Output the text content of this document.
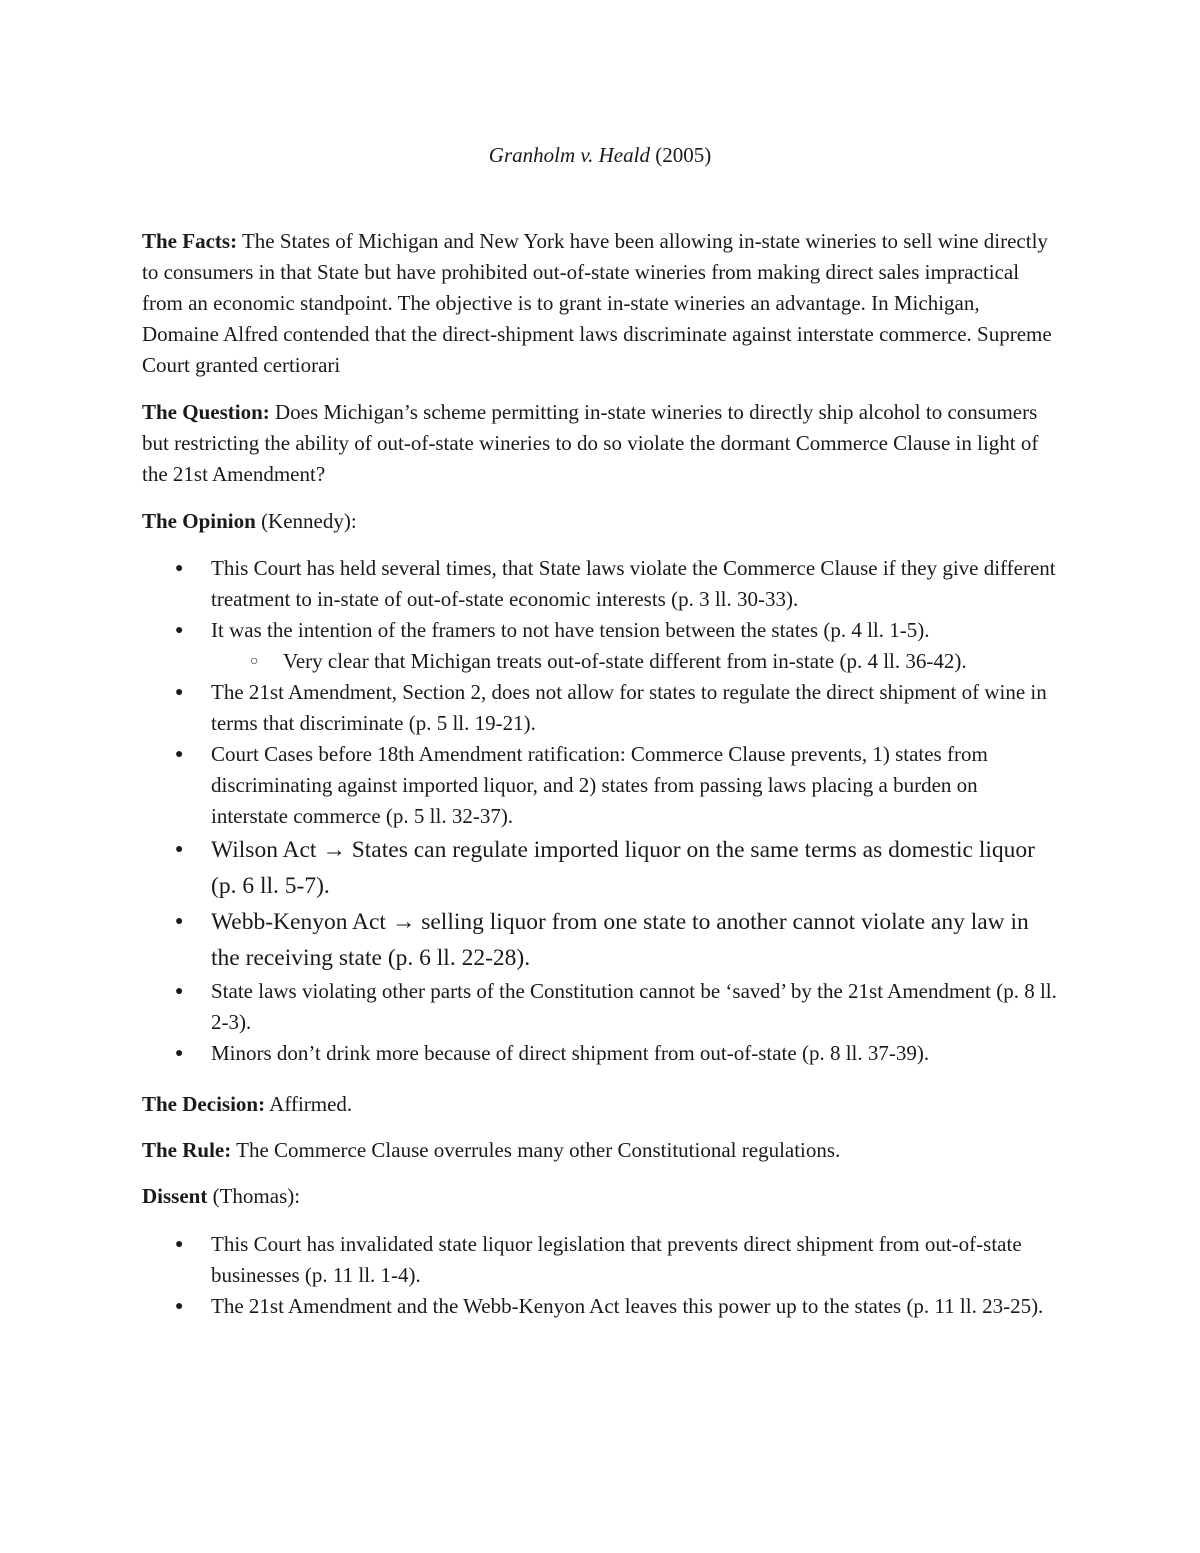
Granholm v. Heald (2005)

The Facts: The States of Michigan and New York have been allowing in-state wineries to sell wine directly to consumers in that State but have prohibited out-of-state wineries from making direct sales impractical from an economic standpoint. The objective is to grant in-state wineries an advantage. In Michigan, Domaine Alfred contended that the direct-shipment laws discriminate against interstate commerce. Supreme Court granted certiorari

The Question: Does Michigan’s scheme permitting in-state wineries to directly ship alcohol to consumers but restricting the ability of out-of-state wineries to do so violate the dormant Commerce Clause in light of the 21st Amendment?

The Opinion (Kennedy):

●	This Court has held several times, that State laws violate the Commerce Clause if they give different treatment to in-state of out-of-state economic interests (p. 3 ll. 30-33).
●	It was the intention of the framers to not have tension between the states (p. 4 ll. 1-5).
○	Very clear that Michigan treats out-of-state different from in-state (p. 4 ll. 36-42).
●	The 21st Amendment, Section 2, does not allow for states to regulate the direct shipment of wine in terms that discriminate (p. 5 ll. 19-21).
●	Court Cases before 18th Amendment ratification: Commerce Clause prevents, 1) states from discriminating against imported liquor, and 2) states from passing laws placing a burden on interstate commerce (p. 5 ll. 32-37).
●	Wilson Act → States can regulate imported liquor on the same terms as domestic liquor (p. 6 ll. 5-7).
●	Webb-Kenyon Act → selling liquor from one state to another cannot violate any law in the receiving state (p. 6 ll. 22-28).
●	State laws violating other parts of the Constitution cannot be ‘saved’ by the 21st Amendment (p. 8 ll. 2-3).
●	Minors don’t drink more because of direct shipment from out-of-state (p. 8 ll. 37-39).

The Decision: Affirmed.

The Rule: The Commerce Clause overrules many other Constitutional regulations.

Dissent (Thomas):

●	This Court has invalidated state liquor legislation that prevents direct shipment from out-of-state businesses (p. 11 ll. 1-4).
●	The 21st Amendment and the Webb-Kenyon Act leaves this power up to the states (p. 11 ll. 23-25).
